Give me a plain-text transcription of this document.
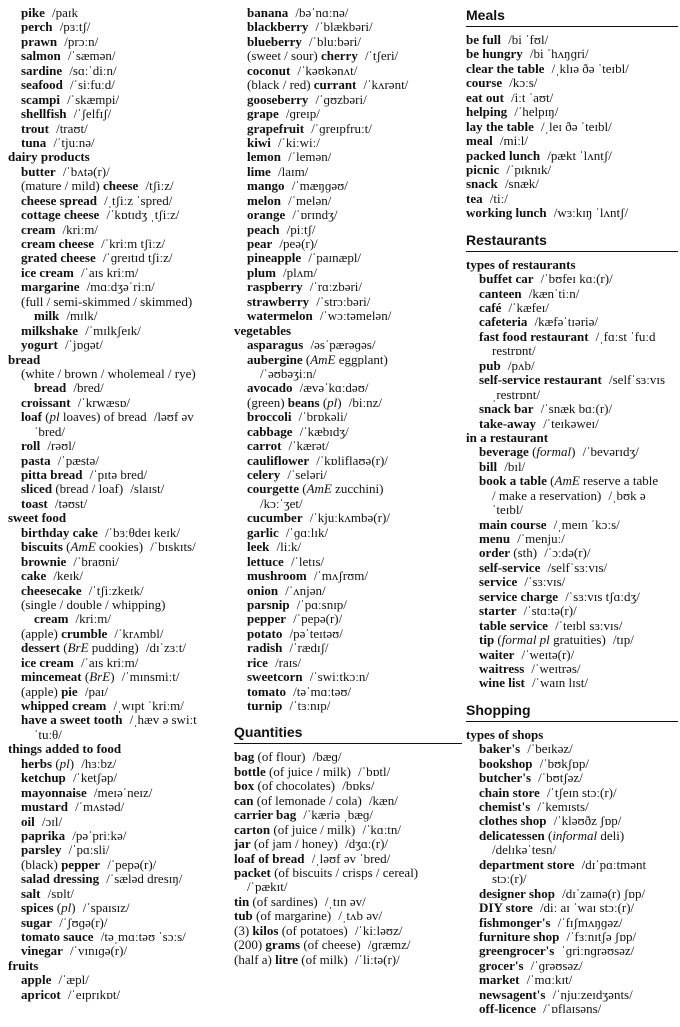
pike /paɪk
perch /pɜːtʃ/
prawn /prɔːn/
salmon /ˈsæmən/
sardine /sɑːˈdiːn/
seafood /ˈsiːfuːd/
scampi /ˈskæmpi/
shellfish /ˈʃelfɪʃ/
trout /traʊt/
tuna /ˈtjuːnə/
dairy products
butter /ˈbʌtə(r)/
(mature / mild) cheese /tʃiːz/
cheese spread /ˌtʃiːz ˈspred/
cottage cheese /ˈkɒtɪdʒ ˌtʃiːz/
cream /kriːm/
cream cheese /ˈkriːm tʃiːz/
grated cheese /ˈɡreɪtɪd tʃiːz/
ice cream /ˈaɪs kriːm/
margarine /mɑːdʒəˈriːn/
(full / semi-skimmed / skimmed)
milk /mɪlk/
milkshake /ˈmɪlkʃeɪk/
yogurt /ˈjɒɡət/
bread
(white / brown / wholemeal / rye)
bread /bred/
croissant /ˈkrwæsɒ/
loaf (pl loaves) of bread /ləʊf əv
ˈbred/
roll /rəʊl/
pasta /ˈpæstə/
pitta bread /ˈpɪtə bred/
sliced (bread / loaf) /slaɪst/
toast /təʊst/
sweet food
birthday cake /ˈbɜːθdeɪ keɪk/
biscuits (AmE cookies) /ˈbɪskɪts/
brownie /ˈbraʊni/
cake /keɪk/
cheesecake /ˈtʃiːzkeɪk/
(single / double / whipping)
cream /kriːm/
(apple) crumble /ˈkrʌmbl/
dessert (BrE pudding) /dɪˈzɜːt/
ice cream /ˈaɪs kriːm/
mincemeat (BrE) /ˈmɪnsmiːt/
(apple) pie /paɪ/
whipped cream /ˌwɪpt ˈkriːm/
have a sweet tooth /ˌhæv ə swiːt
ˈtuːθ/
things added to food
herbs (pl) /hɜːbz/
ketchup /ˈketʃəp/
mayonnaise /meɪəˈneɪz/
mustard /ˈmʌstəd/
oil /ɔɪl/
paprika /pəˈpriːkə/
parsley /ˈpɑːsli/
(black) pepper /ˈpepə(r)/
salad dressing /ˈsæləd dresɪŋ/
salt /sɒlt/
spices (pl) /ˈspaɪsɪz/
sugar /ˈʃʊɡə(r)/
tomato sauce /təˌmɑːtəʊ ˈsɔːs/
vinegar /ˈvɪnɪɡə(r)/
fruits
apple /ˈæpl/
apricot /ˈeɪprɪkɒt/
banana /bəˈnɑːnə/
blackberry /ˈblækbəri/
blueberry /ˈbluːbəri/
(sweet / sour) cherry /ˈtʃeri/
coconut /ˈkəʊkənʌt/
(black / red) currant /ˈkʌrənt/
gooseberry /ˈɡʊzbəri/
grape /ɡreɪp/
grapefruit /ˈɡreɪpfruːt/
kiwi /ˈkiːwiː/
lemon /ˈlemən/
lime /laɪm/
mango /ˈmæŋɡəʊ/
melon /ˈmelən/
orange /ˈɒrɪndʒ/
peach /piːtʃ/
pear /peə(r)/
pineapple /ˈpaɪnæpl/
plum /plʌm/
raspberry /ˈrɑːzbəri/
strawberry /ˈstrɔːbəri/
watermelon /ˈwɔːtəmelən/
vegetables
asparagus /əsˈpærəɡəs/
aubergine (AmE eggplant)
/ˈəʊbəʒiːn/
avocado /ævəˈkɑːdəʊ/
(green) beans (pl) /biːnz/
broccoli /ˈbrɒkəli/
cabbage /ˈkæbɪdʒ/
carrot /ˈkærət/
cauliflower /ˈkɒliflaʊə(r)/
celery /ˈseləri/
courgette (AmE zucchini)
/kɔːˈʒet/
cucumber /ˈkjuːkʌmbə(r)/
garlic /ˈɡɑːlɪk/
leek /liːk/
lettuce /ˈletɪs/
mushroom /ˈmʌʃrʊm/
onion /ˈʌnjən/
parsnip /ˈpɑːsnɪp/
pepper /ˈpepə(r)/
potato /pəˈteɪtəʊ/
radish /ˈrædɪʃ/
rice /raɪs/
sweetcorn /ˈswiːtkɔːn/
tomato /təˈmɑːtəʊ/
turnip /ˈtɜːnɪp/
Quantities
bag (of flour) /bæɡ/
bottle (of juice / milk) /ˈbɒtl/
box (of chocolates) /bɒks/
can (of lemonade / cola) /kæn/
carrier bag /ˈkæriə ˌbæɡ/
carton (of juice / milk) /ˈkɑːtn/
jar (of jam / honey) /dʒɑː(r)/
loaf of bread /ˌləʊf əv ˈbred/
packet (of biscuits / crisps / cereal)
/ˈpækɪt/
tin (of sardines) /ˌtɪn əv/
tub (of margarine) /ˌtʌb əv/
(3) kilos (of potatoes) /ˈkiːləʊz/
(200) grams (of cheese) /ɡræmz/
(half a) litre (of milk) /ˈliːtə(r)/
Meals
be full /bi ˈfʊl/
be hungry /bi ˈhʌŋɡri/
clear the table /ˌklɪə ðə ˈteɪbl/
course /kɔːs/
eat out /iːt ˈaʊt/
helping /ˈhelpɪŋ/
lay the table /ˌleɪ ðə ˈteɪbl/
meal /miːl/
packed lunch /pækt ˈlʌntʃ/
picnic /ˈpɪknɪk/
snack /snæk/
tea /tiː/
working lunch /wɜːkɪŋ ˈlʌntʃ/
Restaurants
types of restaurants
buffet car /ˈbʊfeɪ kɑː(r)/
canteen /kænˈtiːn/
café /ˈkæfeɪ/
cafeteria /kæfəˈtɪəriə/
fast food restaurant /ˌfɑːst ˈfuːd
restrɒnt/
pub /pʌb/
self-service restaurant /selfˈsɜːvɪs
ˌrestrɒnt/
snack bar /ˈsnæk bɑː(r)/
take-away /ˈteɪkəweɪ/
in a restaurant
beverage (formal) /ˈbevərɪdʒ/
bill /bɪl/
book a table (AmE reserve a table
/ make a reservation) /ˌbʊk ə
ˈteɪbl/
main course /ˌmeɪn ˈkɔːs/
menu /ˈmenjuː/
order (sth) /ˈɔːdə(r)/
self-service /selfˈsɜːvɪs/
service /ˈsɜːvɪs/
service charge /ˈsɜːvɪs tʃɑːdʒ/
starter /ˈstɑːtə(r)/
table service /ˈteɪbl sɜːvɪs/
tip (formal pl gratuities) /tɪp/
waiter /ˈweɪtə(r)/
waitress /ˈweɪtrəs/
wine list /ˈwaɪn lɪst/
Shopping
types of shops
baker's /ˈbeɪkəz/
bookshop /ˈbʊkʃɒp/
butcher's /ˈbʊtʃəz/
chain store /ˈtʃeɪn stɔː(r)/
chemist's /ˈkemɪsts/
clothes shop /ˈkləʊðz ʃɒp/
delicatessen (informal deli)
/delɪkəˈtesn/
department store /dɪˈpɑːtmənt
stɔː(r)/
designer shop /dɪˈzaɪnə(r) ʃɒp/
DIY store /diː aɪ ˈwaɪ stɔː(r)/
fishmonger's /ˈfɪʃmʌŋɡəz/
furniture shop /ˈfɜːnɪtʃə ʃɒp/
greengrocer's ˈɡriːnɡrəʊsəz/
grocer's /ˈɡrəʊsəz/
market /ˈmɑːkɪt/
newsagent's /ˈnjuːzeɪdʒənts/
off-licence /ˈɒflaɪsəns/
